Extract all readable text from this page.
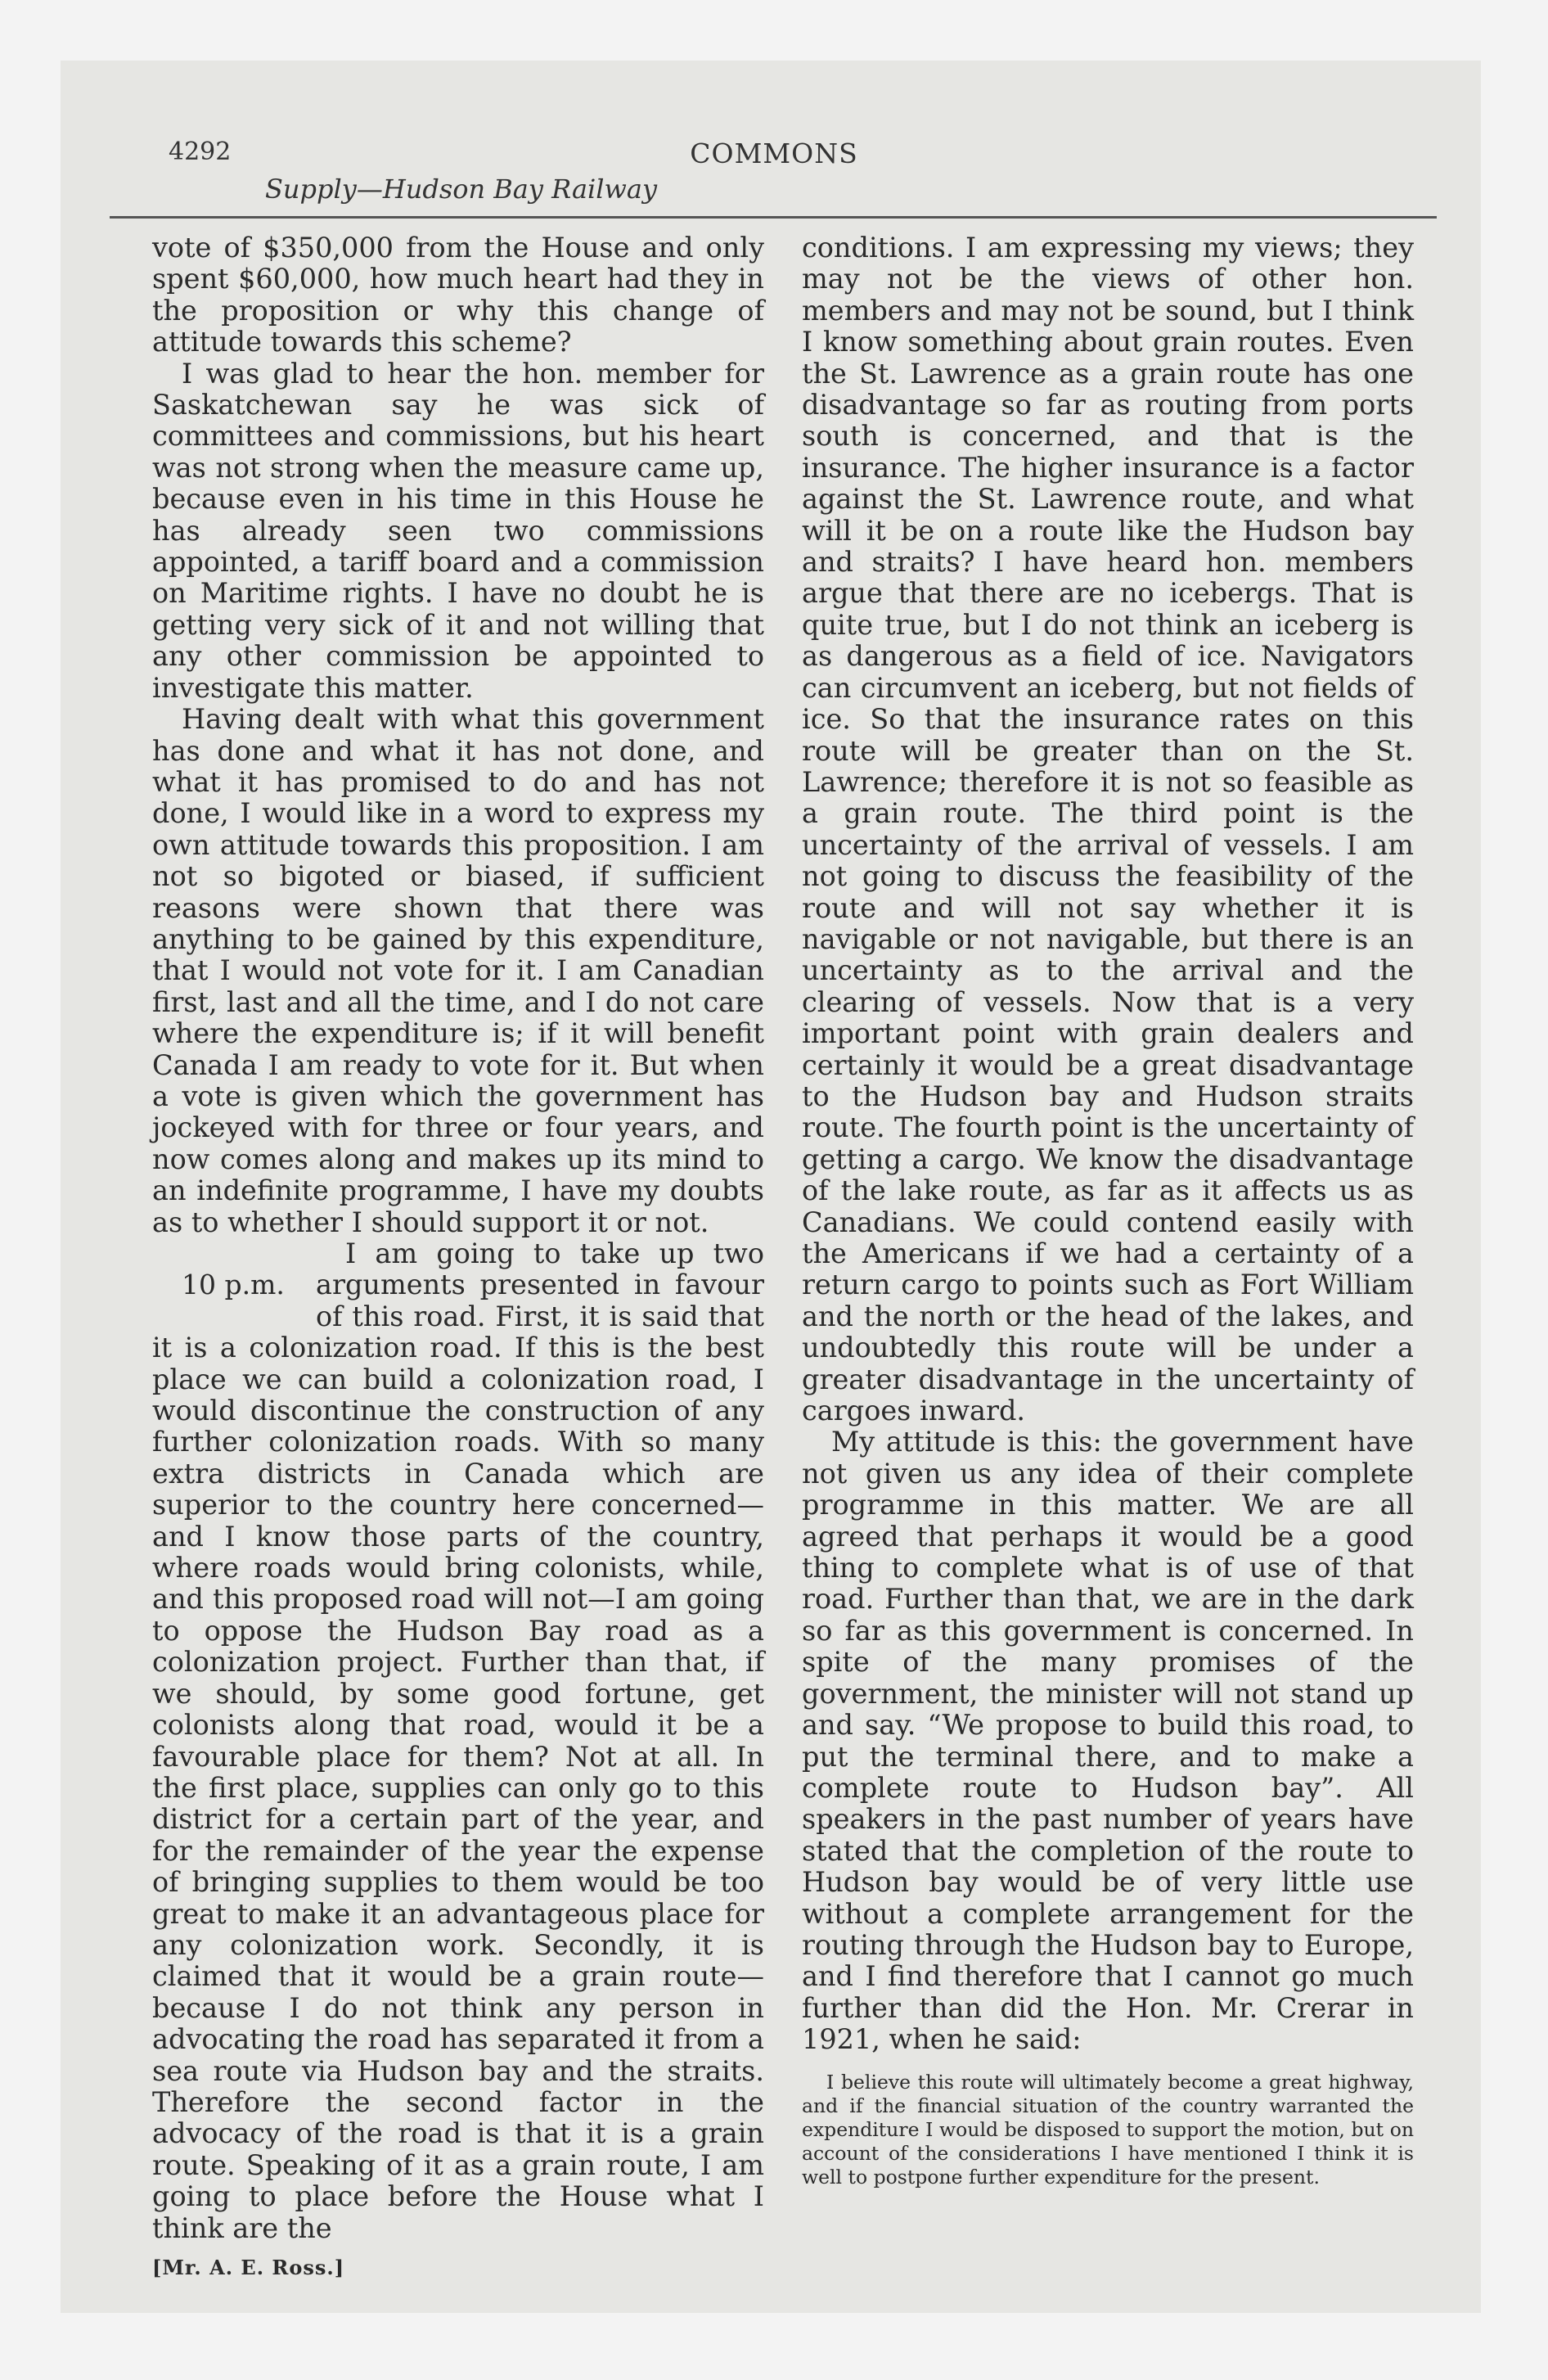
4292	COMMONS
Supply—Hudson Bay Railway

vote of $350,000 from the House and only spent $60,000, how much heart had they in the proposition or why this change of attitude towards this scheme?

I was glad to hear the hon. member for Saskatchewan say he was sick of committees and commissions, but his heart was not strong when the measure came up, because even in his time in this House he has already seen two commissions appointed, a tariff board and a commission on Maritime rights. I have no doubt he is getting very sick of it and not willing that any other commission be appointed to investigate this matter.

Having dealt with what this government has done and what it has not done, and what it has promised to do and has not done, I would like in a word to express my own attitude towards this proposition. I am not so bigoted or biased, if sufficient reasons were shown that there was anything to be gained by this expenditure, that I would not vote for it. I am Canadian first, last and all the time, and I do not care where the expenditure is; if it will benefit Canada I am ready to vote for it. But when a vote is given which the government has jockeyed with for three or four years, and now comes along and makes up its mind to an indefinite programme, I have my doubts as to whether I should support it or not.

10 p.m.

I am going to take up two arguments presented in favour of this road. First, it is said that it is a colonization road. If this is the best place we can build a colonization road, I would discontinue the construction of any further colonization roads. With so many extra districts in Canada which are superior to the country here concerned—and I know those parts of the country, where roads would bring colonists, while, and this proposed road will not—I am going to oppose the Hudson Bay road as a colonization project. Further than that, if we should, by some good fortune, get colonists along that road, would it be a favourable place for them? Not at all. In the first place, supplies can only go to this district for a certain part of the year, and for the remainder of the year the expense of bringing supplies to them would be too great to make it an advantageous place for any colonization work. Secondly, it is claimed that it would be a grain route—because I do not think any person in advocating the road has separated it from a sea route via Hudson bay and the straits. Therefore the second factor in the advocacy of the road is that it is a grain route. Speaking of it as a grain route, I am going to place before the House what I think are the

[Mr. A. E. Ross.]

conditions. I am expressing my views; they may not be the views of other hon. members and may not be sound, but I think I know something about grain routes. Even the St. Lawrence as a grain route has one disadvantage so far as routing from ports south is concerned, and that is the insurance. The higher insurance is a factor against the St. Lawrence route, and what will it be on a route like the Hudson bay and straits? I have heard hon. members argue that there are no icebergs. That is quite true, but I do not think an iceberg is as dangerous as a field of ice. Navigators can circumvent an iceberg, but not fields of ice. So that the insurance rates on this route will be greater than on the St. Lawrence; therefore it is not so feasible as a grain route. The third point is the uncertainty of the arrival of vessels. I am not going to discuss the feasibility of the route and will not say whether it is navigable or not navigable, but there is an uncertainty as to the arrival and the clearing of vessels. Now that is a very important point with grain dealers and certainly it would be a great disadvantage to the Hudson bay and Hudson straits route. The fourth point is the uncertainty of getting a cargo. We know the disadvantage of the lake route, as far as it affects us as Canadians. We could contend easily with the Americans if we had a certainty of a return cargo to points such as Fort William and the north or the head of the lakes, and undoubtedly this route will be under a greater disadvantage in the uncertainty of cargoes inward.

My attitude is this: the government have not given us any idea of their complete programme in this matter. We are all agreed that perhaps it would be a good thing to complete what is of use of that road. Further than that, we are in the dark so far as this government is concerned. In spite of the many promises of the government, the minister will not stand up and say. “We propose to build this road, to put the terminal there, and to make a complete route to Hudson bay”. All speakers in the past number of years have stated that the completion of the route to Hudson bay would be of very little use without a complete arrangement for the routing through the Hudson bay to Europe, and I find therefore that I cannot go much further than did the Hon. Mr. Crerar in 1921, when he said:

I believe this route will ultimately become a great highway, and if the financial situation of the country warranted the expenditure I would be disposed to support the motion, but on account of the considerations I have mentioned I think it is well to postpone further expenditure for the present.
